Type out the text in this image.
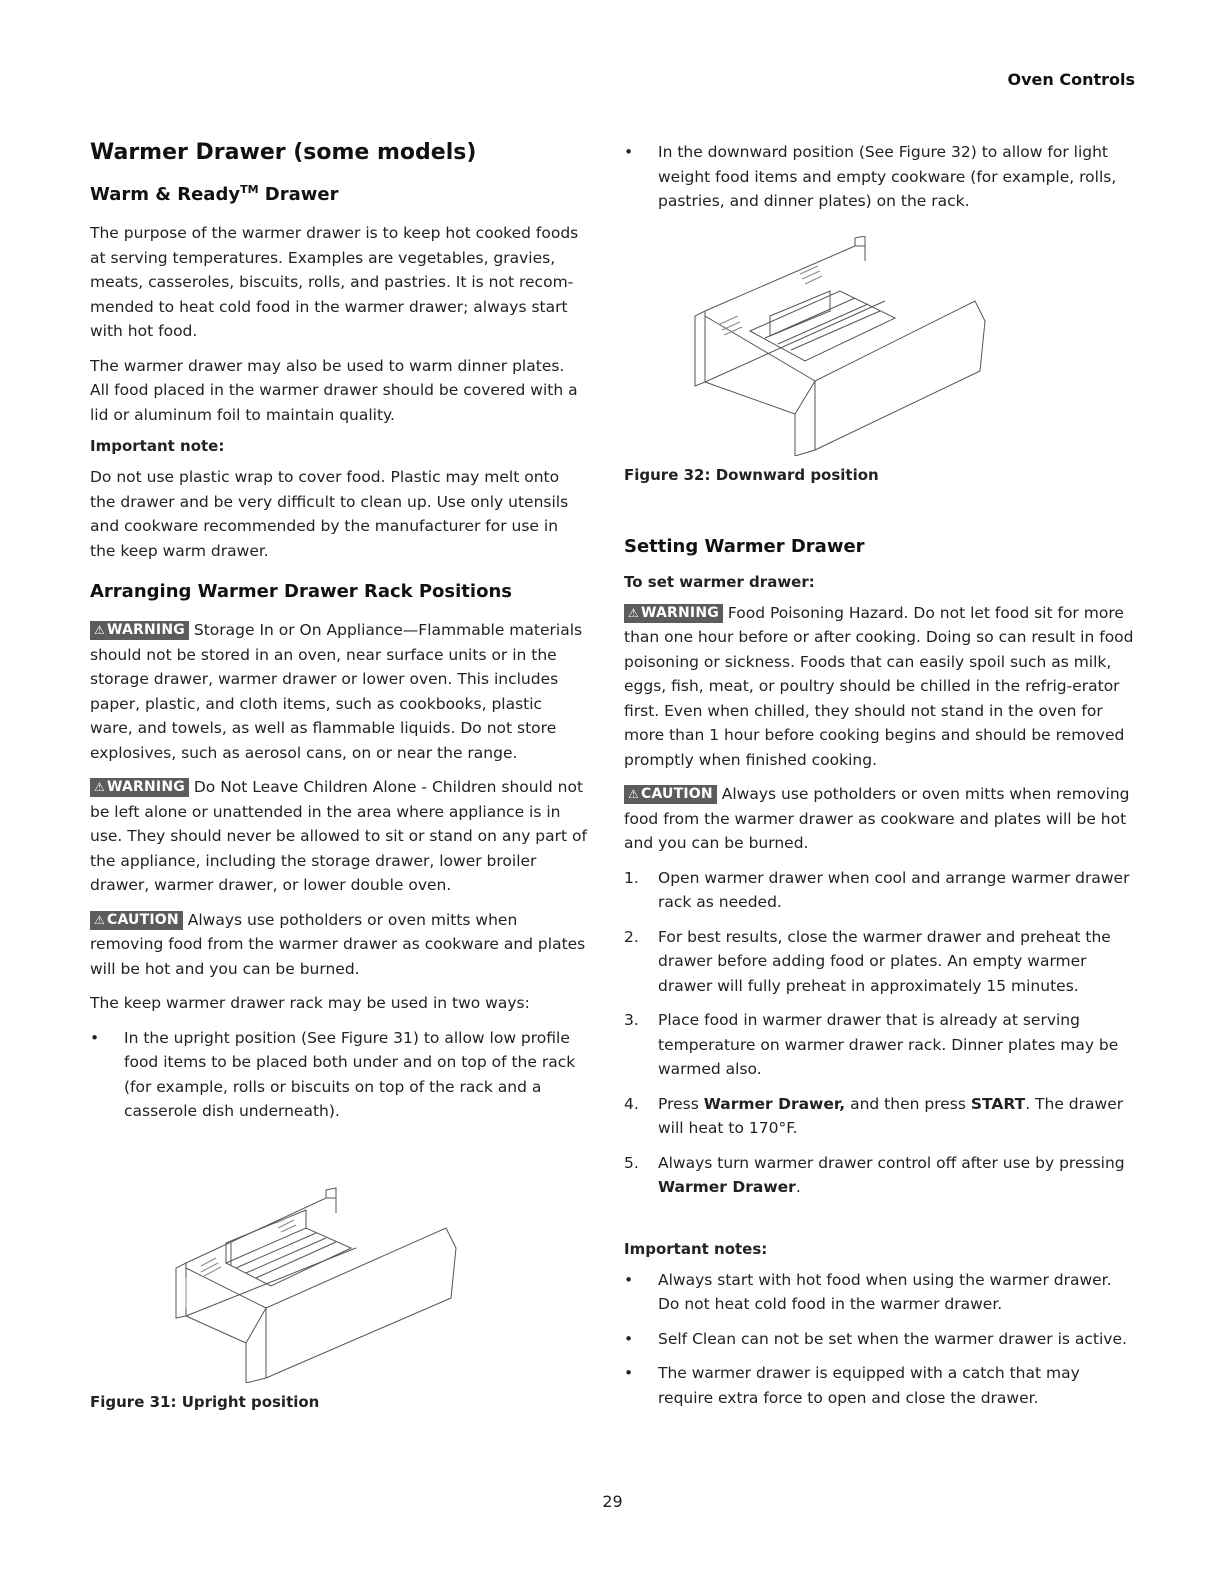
Oven Controls
Warmer Drawer (some models)
Warm & Ready™ Drawer

The purpose of the warmer drawer is to keep hot cooked foods at serving temperatures. Examples are vegetables, gravies, meats, casseroles, biscuits, rolls, and pastries. It is not recom-mended to heat cold food in the warmer drawer; always start with hot food.

The warmer drawer may also be used to warm dinner plates. All food placed in the warmer drawer should be covered with a lid or aluminum foil to maintain quality.

Important note:

Do not use plastic wrap to cover food. Plastic may melt onto the drawer and be very difficult to clean up. Use only utensils and cookware recommended by the manufacturer for use in the keep warm drawer.

Arranging Warmer Drawer Rack Positions

⚠ WARNING Storage In or On Appliance—Flammable materials should not be stored in an oven, near surface units or in the storage drawer, warmer drawer or lower oven. This includes paper, plastic, and cloth items, such as cookbooks, plastic ware, and towels, as well as flammable liquids. Do not store explosives, such as aerosol cans, on or near the range.

⚠ WARNING Do Not Leave Children Alone - Children should not be left alone or unattended in the area where appliance is in use. They should never be allowed to sit or stand on any part of the appliance, including the storage drawer, lower broiler drawer, warmer drawer, or lower double oven.

⚠ CAUTION Always use potholders or oven mitts when removing food from the warmer drawer as cookware and plates will be hot and you can be burned.

The keep warmer drawer rack may be used in two ways:

• In the upright position (See Figure 31) to allow low profile food items to be placed both under and on top of the rack (for example, rolls or biscuits on top of the rack and a casserole dish underneath).
Figure 31: Upright position
• In the downward position (See Figure 32) to allow for light weight food items and empty cookware (for example, rolls, pastries, and dinner plates) on the rack.
Figure 32: Downward position
Setting Warmer Drawer
To set warmer drawer:

⚠ WARNING Food Poisoning Hazard. Do not let food sit for more than one hour before or after cooking. Doing so can result in food poisoning or sickness. Foods that can easily spoil such as milk, eggs, fish, meat, or poultry should be chilled in the refrig-erator first. Even when chilled, they should not stand in the oven for more than 1 hour before cooking begins and should be removed promptly when finished cooking.

⚠ CAUTION Always use potholders or oven mitts when removing food from the warmer drawer as cookware and plates will be hot and you can be burned.

1. Open warmer drawer when cool and arrange warmer drawer rack as needed.
2. For best results, close the warmer drawer and preheat the drawer before adding food or plates. An empty warmer drawer will fully preheat in approximately 15 minutes.
3. Place food in warmer drawer that is already at serving temperature on warmer drawer rack. Dinner plates may be warmed also.
4. Press Warmer Drawer, and then press START. The drawer will heat to 170°F.
5. Always turn warmer drawer control off after use by pressing Warmer Drawer.
Important notes:
• Always start with hot food when using the warmer drawer. Do not heat cold food in the warmer drawer.
• Self Clean can not be set when the warmer drawer is active.
• The warmer drawer is equipped with a catch that may require extra force to open and close the drawer.
29
